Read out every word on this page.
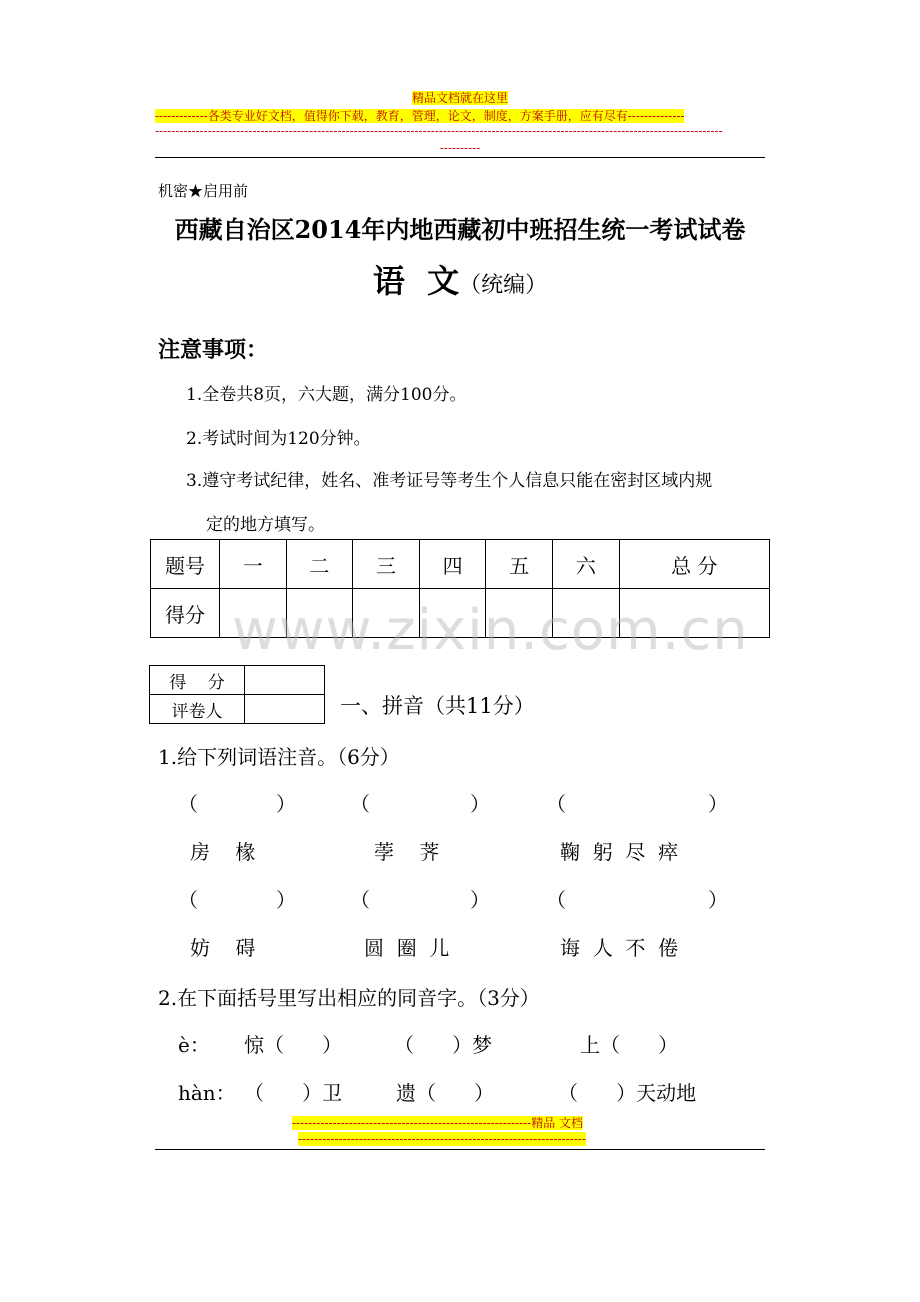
精品文档就在这里
-------------各类专业好文档，值得你下载，教育，管理，论文，制度，方案手册，应有尽有--------------
--------------------------------------------------------------------------------------------------------------------------------------------
----------
机密★启用前
西藏自治区2014年内地西藏初中班招生统一考试试卷
语  文（统编）
注意事项：
1.全卷共8页，六大题，满分100分。
2.考试时间为120分钟。
3.遵守考试纪律，姓名、准考证号等考生个人信息只能在密封区域内规
定的地方填写。
题号	一	二	三	四	五	六	总 分
得分							www.zixin.com.cn
得    分	
评卷人		一、拼音（共11分）
1.给下列词语注音。（6分）
（	）	（	）	（	）
房    椽	荸    荠	鞠  躬  尽  瘁
（	）	（	）	（	）
妨    碍	圆  圈  儿	诲  人  不  倦
2.在下面括号里写出相应的同音字。（3分）
è： 惊（      ）	（      ）梦	上（      ）
hàn： （      ）卫	遗（      ）	（      ）天动地
-----------------------------------------------------------精品 文档
-----------------------------------------------------------------------
